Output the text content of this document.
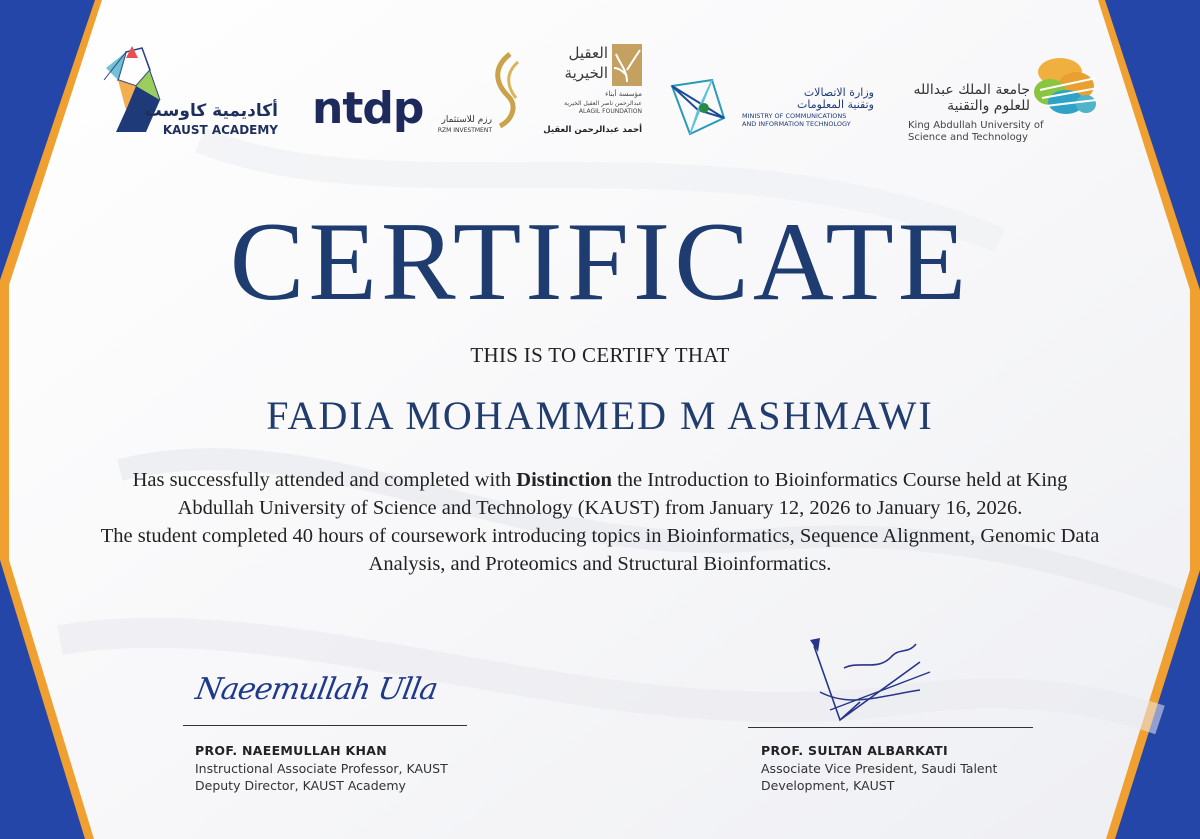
أكاديمية كاوست
KAUST ACADEMY ntdp رزم للاستثمار
RZM INVESTMENT
العقيل
الخيرية
مؤسسة أبناء
عبدالرحمن ناصر العقيل الخيرية
ALAGIL FOUNDATION
أحمد عبدالرحمن العقيل
وزارة الاتصالات
وتقنية المعلومات
MINISTRY OF COMMUNICATIONS
AND INFORMATION TECHNOLOGY
جامعة الملك عبدالله
للعلوم والتقنية
King Abdullah University of
Science and Technology
CERTIFICATE
THIS IS TO CERTIFY THAT
FADIA MOHAMMED M ASHMAWI

Has successfully attended and completed with Distinction the Introduction to Bioinformatics Course held at King Abdullah University of Science and Technology (KAUST) from January 12, 2026 to January 16, 2026.

The student completed 40 hours of coursework introducing topics in Bioinformatics, Sequence Alignment, Genomic Data Analysis, and Proteomics and Structural Bioinformatics.

Naeemullah Ulla
PROF. NAEEMULLAH KHAN
Instructional Associate Professor, KAUST
Deputy Director, KAUST Academy
PROF. SULTAN ALBARKATI
Associate Vice President, Saudi Talent
Development, KAUST
